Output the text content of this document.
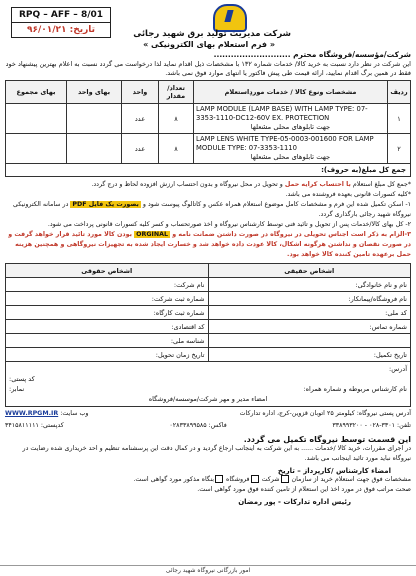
RPQ – AFF – 8/01
تاریخ: ۹۶/۰۱/۲۱	شرکت مدیریت تولید برق شهید رجائی
« فرم استعلام بهای الکترونیکی »
شرکت/مؤسسه/فروشگاه محترم ...........................
این شرکت در نظر دارد نسبت به خرید کالا/ خدمات شماره ۱۳۲ با مشخصات ذیل اقدام نماید لذا درخواست می گردد نسبت به اعلام بهترین پیشنهاد خود فقط در همین برگ اقدام نمایید، ارائه قیمت طی پیش فاکتور یا انتهای موارد فوق نمی باشد.
ردیف	مشخصات ونوع کالا / خدمات موردِاستعلام	تعداد/ مقدار	واحد	بهای واحد	بهای مجموع
۱	LAMP MODULE (LAMP BASE) WITH LAMP TYPE: 07-3353-1110-DC12-60V EX. PROTECTION
جهت تابلوهای محلی مشعلها	۸	عدد		
۲	LAMP LENS WHITE TYPE-05-0003-001600 FOR LAMP MODULE TYPE: 07-3353-1110
جهت تابلوهای محلی مشعلها	۸	عدد		
جمع کل مبلغ(به حروف):
*جمع کل مبلغ استعلام با احتساب کرایه حمل و تحویل در محل نیروگاه و بدون احتساب ارزش افزوده لحاظ و درج گردد.
*کلیه کسورات قانونی بعهده فروشنده می باشد.
۱- اسکن تکمیل شده این فرم و مشخصات کامل موضوع استعلام همراه عکس و کاتالوگ پیوست شود و بصورت یک فایل PDF در سامانه الکترونیکی نیروگاه شهید رجائی بارگذاری گردد.
۲- کل بهای کالا/خدمات پس از تحویل و تائید فنی توسط کارشناس نیروگاه و اخذ صورتحساب و کسر کلیه کسورات قانونی پرداخت می شود.
۳-الزام به ذکر است اجناس تحویلی در نیروگاه در صورت داشتن ضمانت نامه و ORGINAL بودن کالا مورد تائید قرار خواهد گرفت و در صورت نقصان و نداشتن هرگونه اشکال، کالا عودت داده خواهد شد و خسارت ایجاد شده به تجهیزات نیروگاهی و همچنین هزینه حمل برعهده تامین کننده کالا خواهد بود.
اشخاص حقیقی	اشخاص حقوقی
نام و نام خانوادگی:	نام شرکت:
نام فروشگاه/پیمانکار:	شماره ثبت شرکت:
کد ملی:	شماره ثبت کارگاه:
شماره تماس:	کد اقتصادی:
	شناسه ملی:
تاریخ تکمیل:	تاریخ زمان تحویل:
آدرس:
کد پستی:
نام کارشناس مربوطه و شماره همراه:
نمابر:
امضاء مدیر و مهر شرکت/موسسه/فروشگاه
آدرس پستی نیروگاه: کیلومتر ۲۵ اتوبان قزوین-کرج، اداره تدارکات
وب سایت: WWW.RPGM.IR
تلفن: ۳۳۰۱-۰۲۸ - ۳۳۸۹۹۳۲۰۰
فاکس: ۰۲۸۳۳۸۹۹۵۸۵
کدپستی: ۳۴۱۵۸۱۱۱۱۱
این قسمت توسط نیروگاه تکمیل می گردد.
در اجرای مقررات، خرید کالا /خدمات ...... به این شرکت به اینجانب ارجاع گردید و در کمال دقت این پرسشنامه تنظیم و احد خریداری شده رضایت در نیروگاه نباید مورد تائید اینجانب می باشد.
امضاء کارشناس /کارپرداز – تاریخ
مشخصات فوق جهت استعلام خرید از سازمان شرکت فروشگاه بنگاه مذکور مورد گواهی است.
صحت مراتب فوق در مورد اخذ این استعلام از تامین کننده فوق مورد گواهی است.
رئیس اداره تدارکات - پور رمضان
امور بازرگانی نیروگاه شهید رجائی
